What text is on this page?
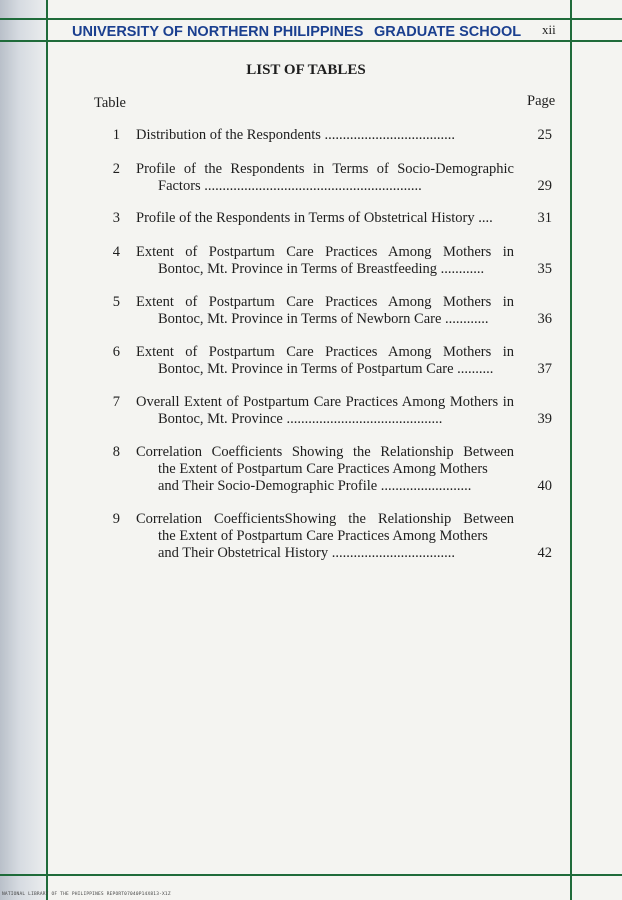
UNIVERSITY OF NORTHERN PHILIPPINES GRADUATE SCHOOL xii
LIST OF TABLES
Table	Page
1 Distribution of the Respondents ....................................	25
2 Profile of the Respondents in Terms of Socio-Demographic
Factors ............................................................	29
3 Profile of the Respondents in Terms of Obstetrical History ....	31
4 Extent of Postpartum Care Practices Among Mothers in
Bontoc, Mt. Province in Terms of Breastfeeding ............	35
5 Extent of Postpartum Care Practices Among Mothers in
Bontoc, Mt. Province in Terms of Newborn Care ............	36
6 Extent of Postpartum Care Practices Among Mothers in
Bontoc, Mt. Province in Terms of Postpartum Care ..........	37
7 Overall Extent of Postpartum Care Practices Among Mothers in
Bontoc, Mt. Province ...........................................	39
8 Correlation Coefficients Showing the Relationship Between
the Extent of Postpartum Care Practices Among Mothers
and Their Socio-Demographic Profile .........................	40
9 Correlation CoefficientsShowing the Relationship Between
the Extent of Postpartum Care Practices Among Mothers
and Their Obstetrical History ..................................	42
NATIONAL LIBRARY OF THE PHILIPPINES REPORT07040P14X813-X1Z
